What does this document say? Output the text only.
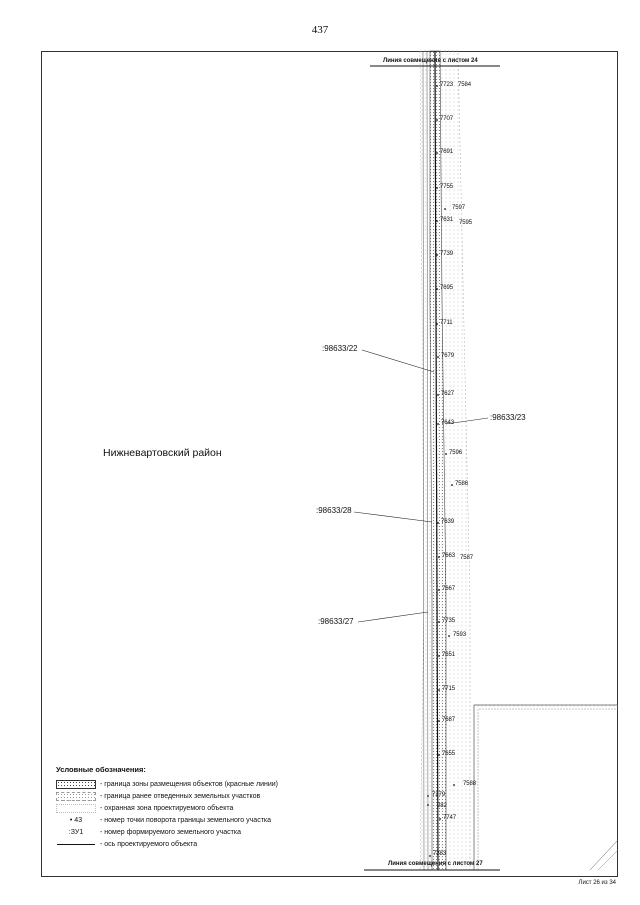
437
Линия совмещения с листом 24
Линия совмещения с листом 27
Нижневартовский район
:98633/22
:98633/23
:98633/28
:98633/27
7723 7584
7707
7691
7755
7597
7631 7595
7739
7695
7711
7679
7627
7643
7596
7586
7639
7663 7587
7667
7735
7593
7651
7715
7687
7655
7588
7279
282
7747
7283
Условные обозначения:
- граница зоны размещения объектов (красные линии)
- граница ранее отведенных земельных участков
- охранная зона проектируемого объекта
• 43	- номер точки поворота границы земельного участка
:ЗУ1	- номер формируемого земельного участка
- ось проектируемого объекта
Лист 26 из 34
